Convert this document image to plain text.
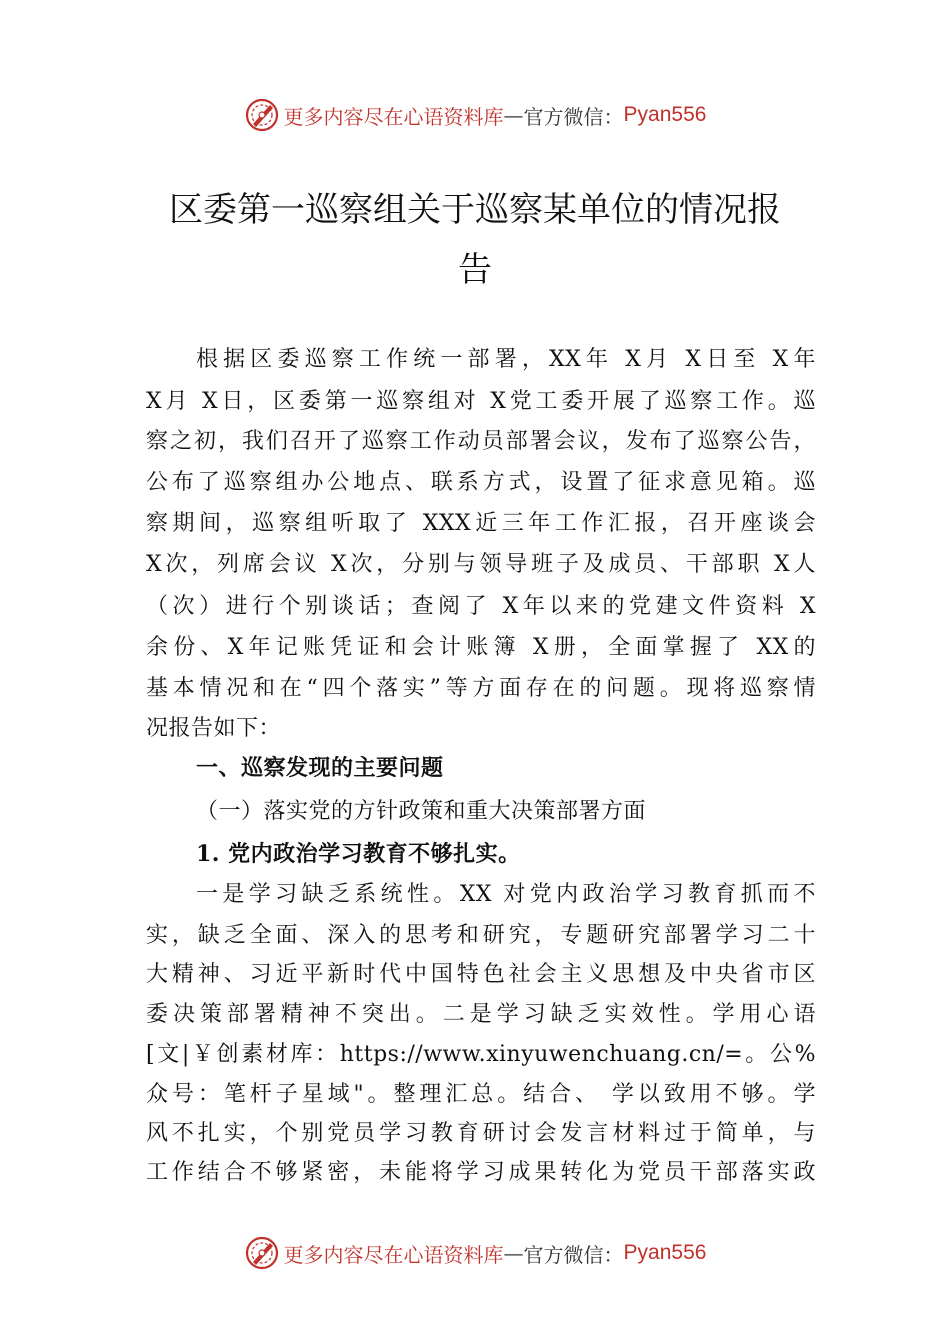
更多内容尽在心语资料库 — 官方微信： Pyan556
区委第一巡察组关于巡察某单位的情况报
告
根据区委巡察工作统一部署，XX年 X月 X日至 X年
X月 X日，区委第一巡察组对 X党工委开展了巡察工作。巡
察之初，我们召开了巡察工作动员部署会议，发布了巡察公告，
公布了巡察组办公地点、联系方式，设置了征求意见箱。巡
察期间，巡察组听取了 XXX近三年工作汇报，召开座谈会
X次，列席会议 X次，分别与领导班子及成员、干部职 X人
（次）进行个别谈话；查阅了 X年以来的党建文件资料 X
余份、X年记账凭证和会计账簿 X册，全面掌握了 XX的
基本情况和在“四个落实”等方面存在的问题。现将巡察情
况报告如下：
一、巡察发现的主要问题
（一）落实党的方针政策和重大决策部署方面
1. 党内政治学习教育不够扎实。
一是学习缺乏系统性。XX 对党内政治学习教育抓而不
实，缺乏全面、深入的思考和研究，专题研究部署学习二十
大精神、习近平新时代中国特色社会主义思想及中央省市区
委决策部署精神不突出。二是学习缺乏实效性。学用心语
[文|￥创素材库：https://www.xinyuwenchuang.cn/=。公%
众号：笔杆子星域"。整理汇总。结合、 学以致用不够。学
风不扎实，个别党员学习教育研讨会发言材料过于简单，与
工作结合不够紧密，未能将学习成果转化为党员干部落实政
更多内容尽在心语资料库 — 官方微信： Pyan556
